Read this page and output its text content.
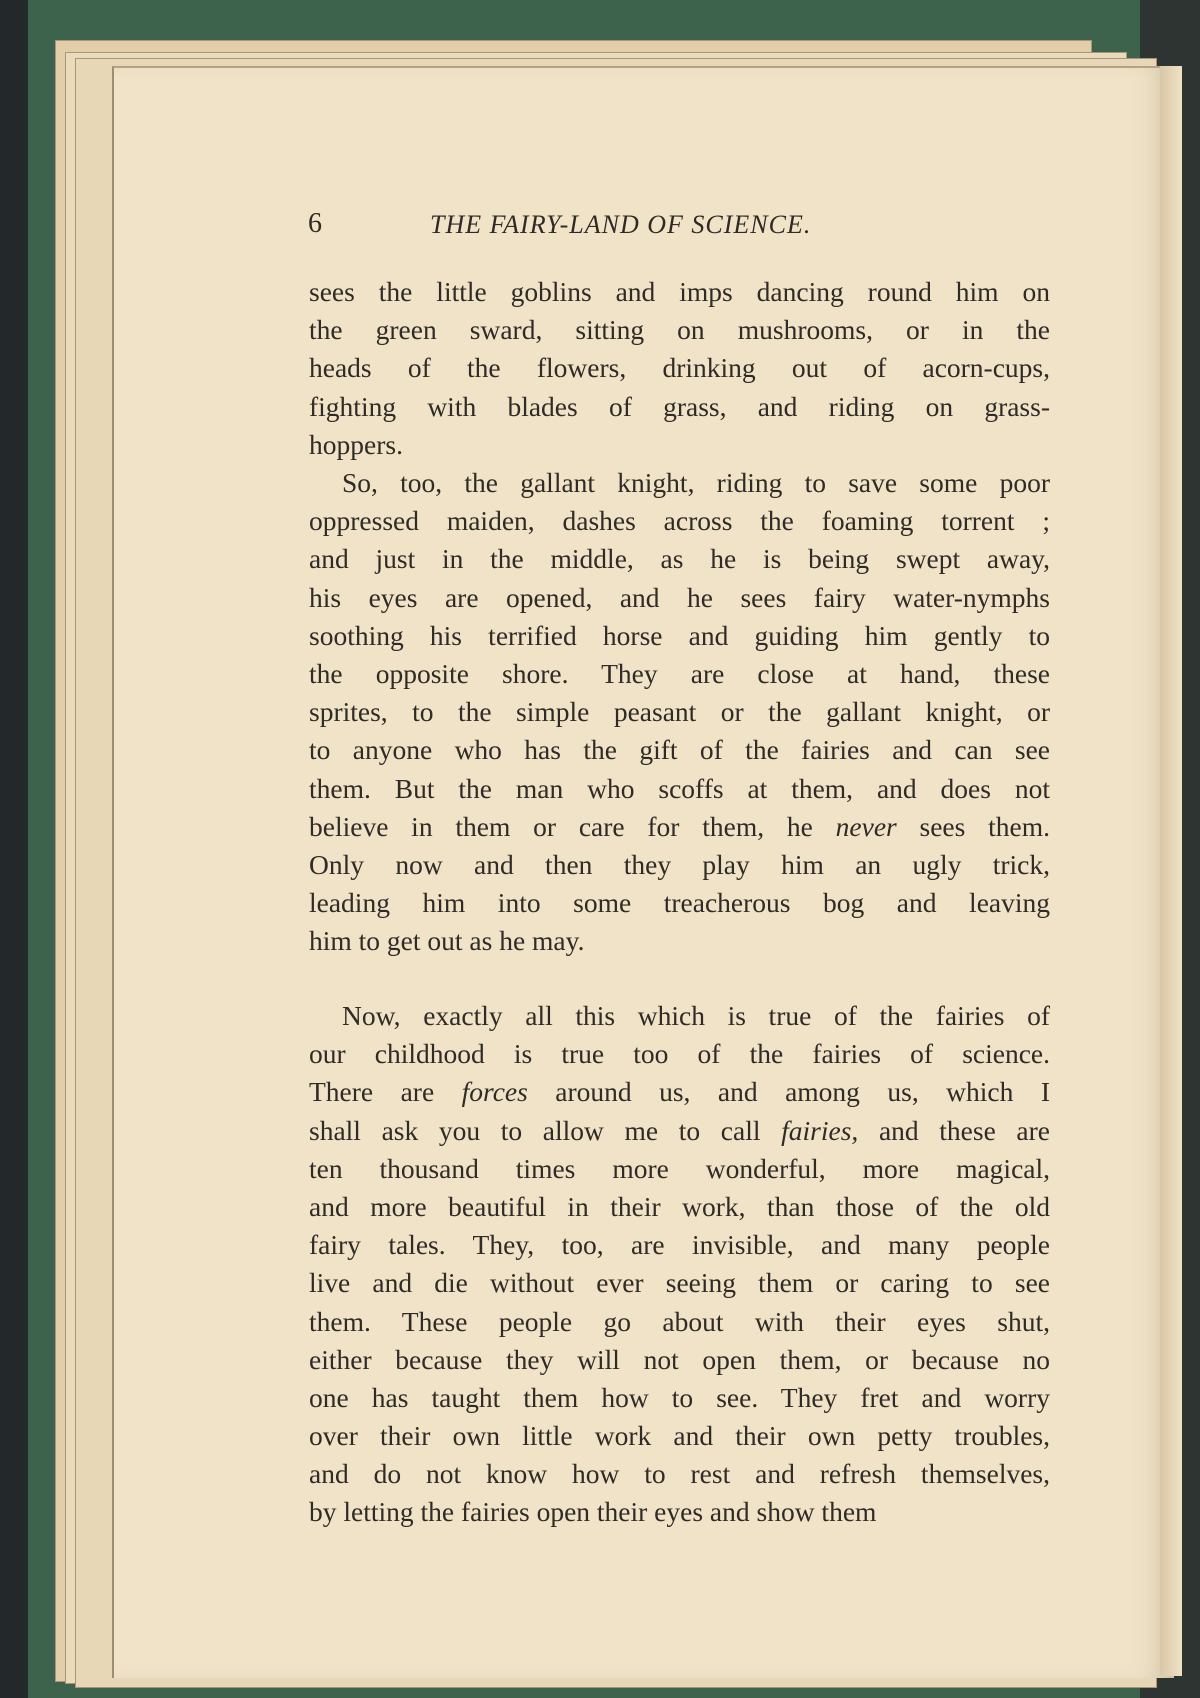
6	THE FAIRY-LAND OF SCIENCE.
sees the little goblins and imps dancing round him on
the green sward, sitting on mushrooms, or in the
heads of the flowers, drinking out of acorn-cups,
fighting with blades of grass, and riding on grass-
hoppers.
So, too, the gallant knight, riding to save some poor
oppressed maiden, dashes across the foaming torrent ;
and just in the middle, as he is being swept away,
his eyes are opened, and he sees fairy water-nymphs
soothing his terrified horse and guiding him gently to
the opposite shore. They are close at hand, these
sprites, to the simple peasant or the gallant knight, or
to anyone who has the gift of the fairies and can see
them. But the man who scoffs at them, and does not
believe in them or care for them, he never sees them.
Only now and then they play him an ugly trick,
leading him into some treacherous bog and leaving
him to get out as he may.
Now, exactly all this which is true of the fairies of
our childhood is true too of the fairies of science.
There are forces around us, and among us, which I
shall ask you to allow me to call fairies, and these are
ten thousand times more wonderful, more magical,
and more beautiful in their work, than those of the old
fairy tales. They, too, are invisible, and many people
live and die without ever seeing them or caring to see
them. These people go about with their eyes shut,
either because they will not open them, or because no
one has taught them how to see. They fret and worry
over their own little work and their own petty troubles,
and do not know how to rest and refresh themselves,
by letting the fairies open their eyes and show them
